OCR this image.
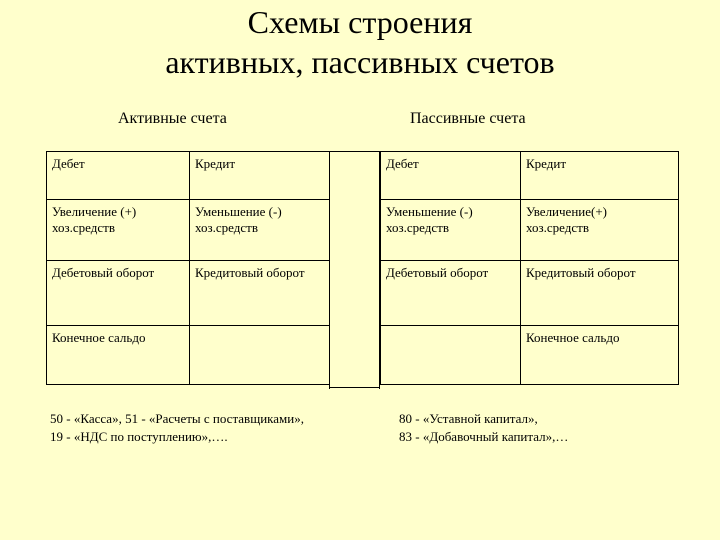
Схемы строения
активных, пассивных счетов
Активные счета	Пассивные счета
Дебет	Кредит
Увеличение (+) хоз.средств	Уменьшение (-) хоз.средств
Дебетовый оборот	Кредитовый оборот
Конечное сальдо	
Дебет	Кредит
Уменьшение (-) хоз.средств	Увеличение(+) хоз.средств
Дебетовый оборот	Кредитовый оборот
	Конечное сальдо
50 - «Касса», 51 - «Расчеты с поставщиками»,
19 - «НДС по поступлению»,….
80 - «Уставной капитал»,
83 - «Добавочный капитал»,…
